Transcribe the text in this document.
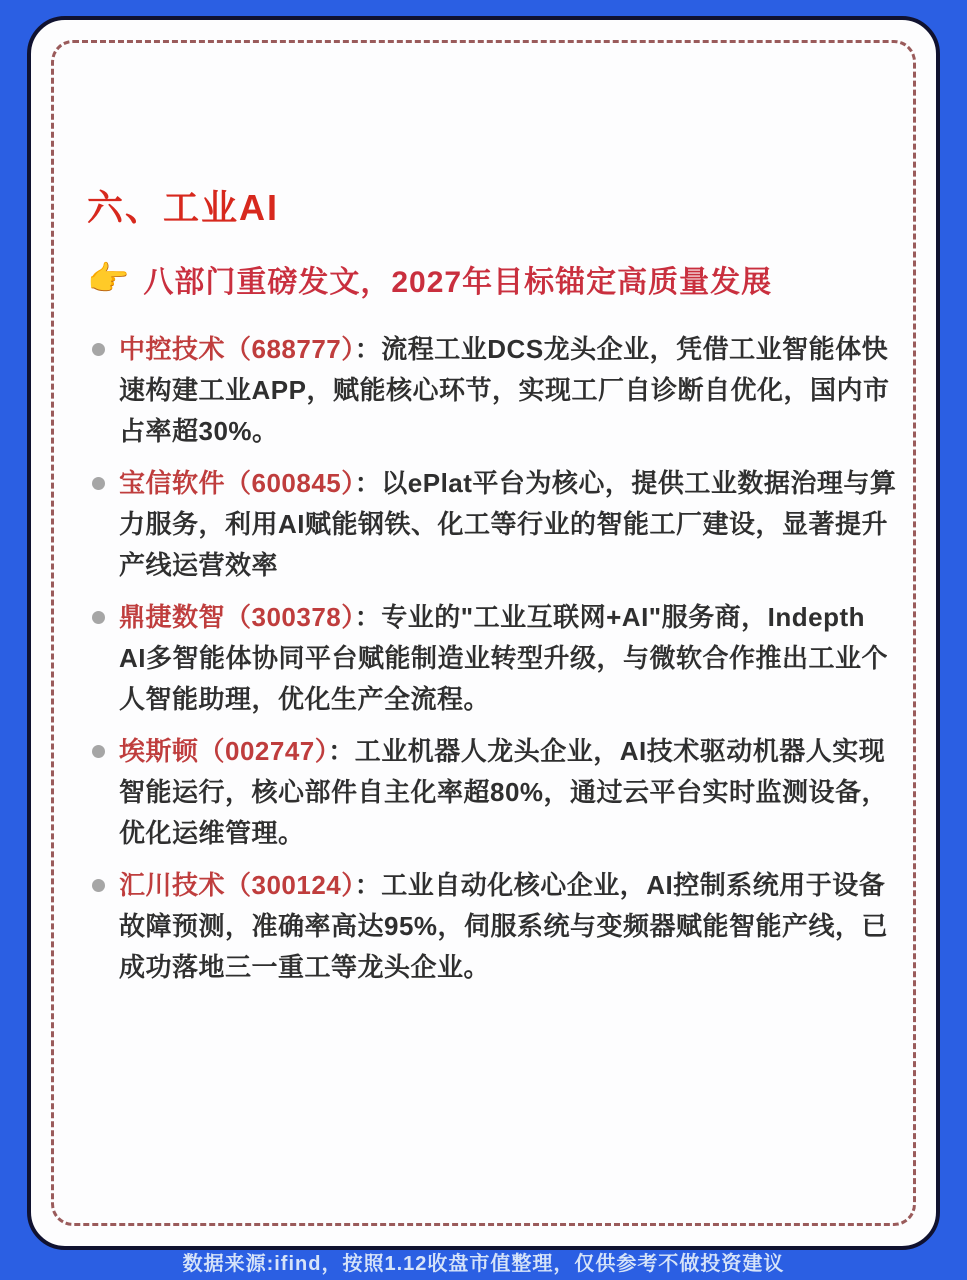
六、工业AI
👉 八部门重磅发文，2027年目标锚定高质量发展
中控技术（688777）：流程工业DCS龙头企业，凭借工业智能体快速构建工业APP，赋能核心环节，实现工厂自诊断自优化，国内市占率超30%。
宝信软件（600845）：以ePlat平台为核心，提供工业数据治理与算力服务，利用AI赋能钢铁、化工等行业的智能工厂建设，显著提升产线运营效率
鼎捷数智（300378）：专业的"工业互联网+AI"服务商，Indepth AI多智能体协同平台赋能制造业转型升级，与微软合作推出工业个人智能助理，优化生产全流程。
埃斯顿（002747）：工业机器人龙头企业，AI技术驱动机器人实现智能运行，核心部件自主化率超80%，通过云平台实时监测设备，优化运维管理。
汇川技术（300124）：工业自动化核心企业，AI控制系统用于设备故障预测，准确率高达95%，伺服系统与变频器赋能智能产线，已成功落地三一重工等龙头企业。
数据来源:ifind，按照1.12收盘市值整理，仅供参考不做投资建议
